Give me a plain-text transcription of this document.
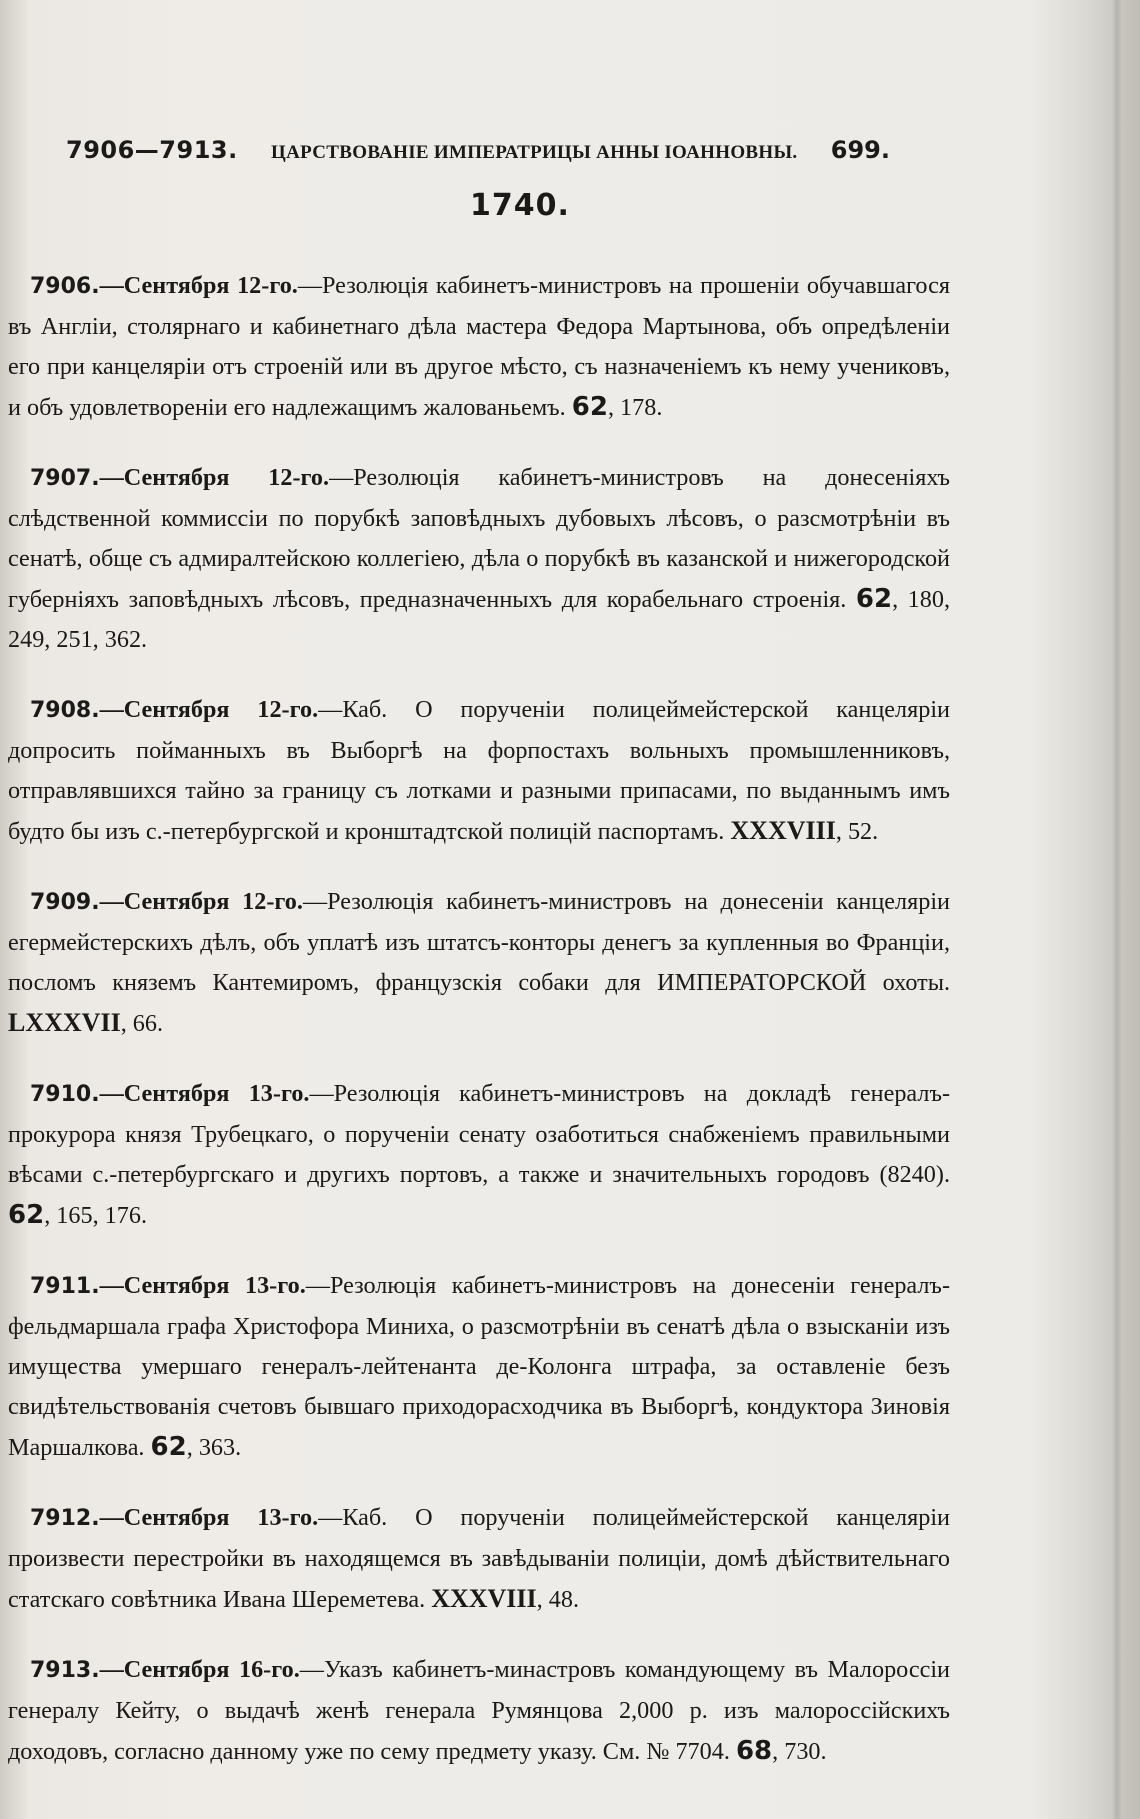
7906—7913. ЦАРСТВОВАНІЕ ИМПЕРАТРИЦЫ АННЫ ІОАННОВНЫ. 699.
1740.

7906.—Сентября 12-го.—Резолюція кабинетъ-министровъ на прошеніи обучавшагося въ Англіи, столярнаго и кабинетнаго дѣла мастера Федора Мартынова, объ опредѣленіи его при канцеляріи отъ строеній или въ другое мѣсто, съ назначеніемъ къ нему учениковъ, и объ удовлетвореніи его надлежащимъ жалованьемъ. 62, 178.

7907.—Сентября 12-го.—Резолюція кабинетъ-министровъ на донесеніяхъ слѣдственной коммиссіи по порубкѣ заповѣдныхъ дубовыхъ лѣсовъ, о разсмотрѣніи въ сенатѣ, обще съ адмиралтейскою коллегіею, дѣла о порубкѣ въ казанской и нижегородской губерніяхъ заповѣдныхъ лѣсовъ, предназначенныхъ для корабельнаго строенія. 62, 180, 249, 251, 362.

7908.—Сентября 12-го.—Каб. О порученіи полицеймейстерской канцеляріи допросить пойманныхъ въ Выборгѣ на форпостахъ вольныхъ промышленниковъ, отправлявшихся тайно за границу съ лотками и разными припасами, по выданнымъ имъ будто бы изъ с.-петербургской и кронштадтской полицій паспортамъ. XXXVIII, 52.

7909.—Сентября 12-го.—Резолюція кабинетъ-министровъ на донесеніи канцеляріи егермейстерскихъ дѣлъ, объ уплатѣ изъ штатсъ-конторы денегъ за купленныя во Франціи, посломъ княземъ Кантемиромъ, французскія собаки для ИМПЕРАТОРСКОЙ охоты. LXXXVII, 66.

7910.—Сентября 13-го.—Резолюція кабинетъ-министровъ на докладѣ генералъ-прокурора князя Трубецкаго, о порученіи сенату озаботиться снабженіемъ правильными вѣсами с.-петербургскаго и другихъ портовъ, а также и значительныхъ городовъ (8240). 62, 165, 176.

7911.—Сентября 13-го.—Резолюція кабинетъ-министровъ на донесеніи генералъ-фельдмаршала графа Христофора Миниха, о разсмотрѣніи въ сенатѣ дѣла о взысканіи изъ имущества умершаго генералъ-лейтенанта де-Колонга штрафа, за оставленіе безъ свидѣтельствованія счетовъ бывшаго приходорасходчика въ Выборгѣ, кондуктора Зиновія Маршалкова. 62, 363.

7912.—Сентября 13-го.—Каб. О порученіи полицеймейстерской канцеляріи произвести перестройки въ находящемся въ завѣдываніи полиціи, домѣ дѣйствительнаго статскаго совѣтника Ивана Шереметева. XXXVIII, 48.

7913.—Сентября 16-го.—Указъ кабинетъ-минастровъ командующему въ Малороссіи генералу Кейту, о выдачѣ женѣ генерала Румянцова 2,000 р. изъ малороссійскихъ доходовъ, согласно данному уже по сему предмету указу. См. № 7704. 68, 730.
